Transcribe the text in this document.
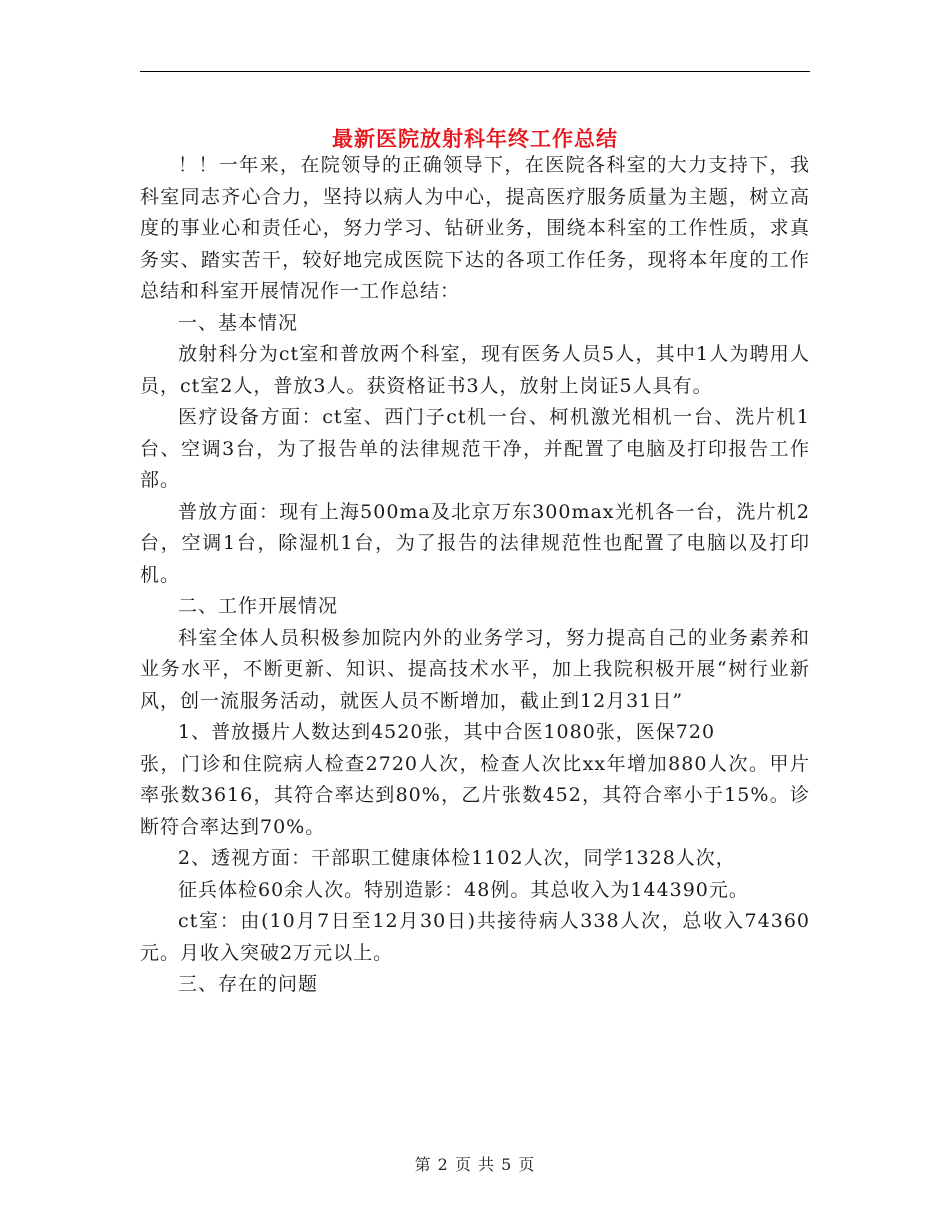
最新医院放射科年终工作总结

！！一年来，在院领导的正确领导下，在医院各科室的大力支持下，我科室同志齐心合力，坚持以病人为中心，提高医疗服务质量为主题，树立高度的事业心和责任心，努力学习、钻研业务，围绕本科室的工作性质，求真务实、踏实苦干，较好地完成医院下达的各项工作任务，现将本年度的工作总结和科室开展情况作一工作总结：

一、基本情况

放射科分为ct室和普放两个科室，现有医务人员5人，其中1人为聘用人员，ct室2人，普放3人。获资格证书3人，放射上岗证5人具有。

医疗设备方面：ct室、西门子ct机一台、柯机激光相机一台、洗片机1台、空调3台，为了报告单的法律规范干净，并配置了电脑及打印报告工作部。

普放方面：现有上海500ma及北京万东300max光机各一台，洗片机2台，空调1台，除湿机1台，为了报告的法律规范性也配置了电脑以及打印机。

二、工作开展情况

科室全体人员积极参加院内外的业务学习，努力提高自己的业务素养和业务水平，不断更新、知识、提高技术水平，加上我院积极开展“树行业新风，创一流服务活动，就医人员不断增加，截止到12月31日”

1、普放摄片人数达到4520张，其中合医1080张，医保720

张，门诊和住院病人检查2720人次，检查人次比xx年增加880人次。甲片率张数3616，其符合率达到80%，乙片张数452，其符合率小于15%。诊断符合率达到70%。

2、透视方面：干部职工健康体检1102人次，同学1328人次，

征兵体检60余人次。特别造影：48例。其总收入为144390元。

ct室：由(10月7日至12月30日)共接待病人338人次，总收入74360元。月收入突破2万元以上。

三、存在的问题

第 2 页 共 5 页
